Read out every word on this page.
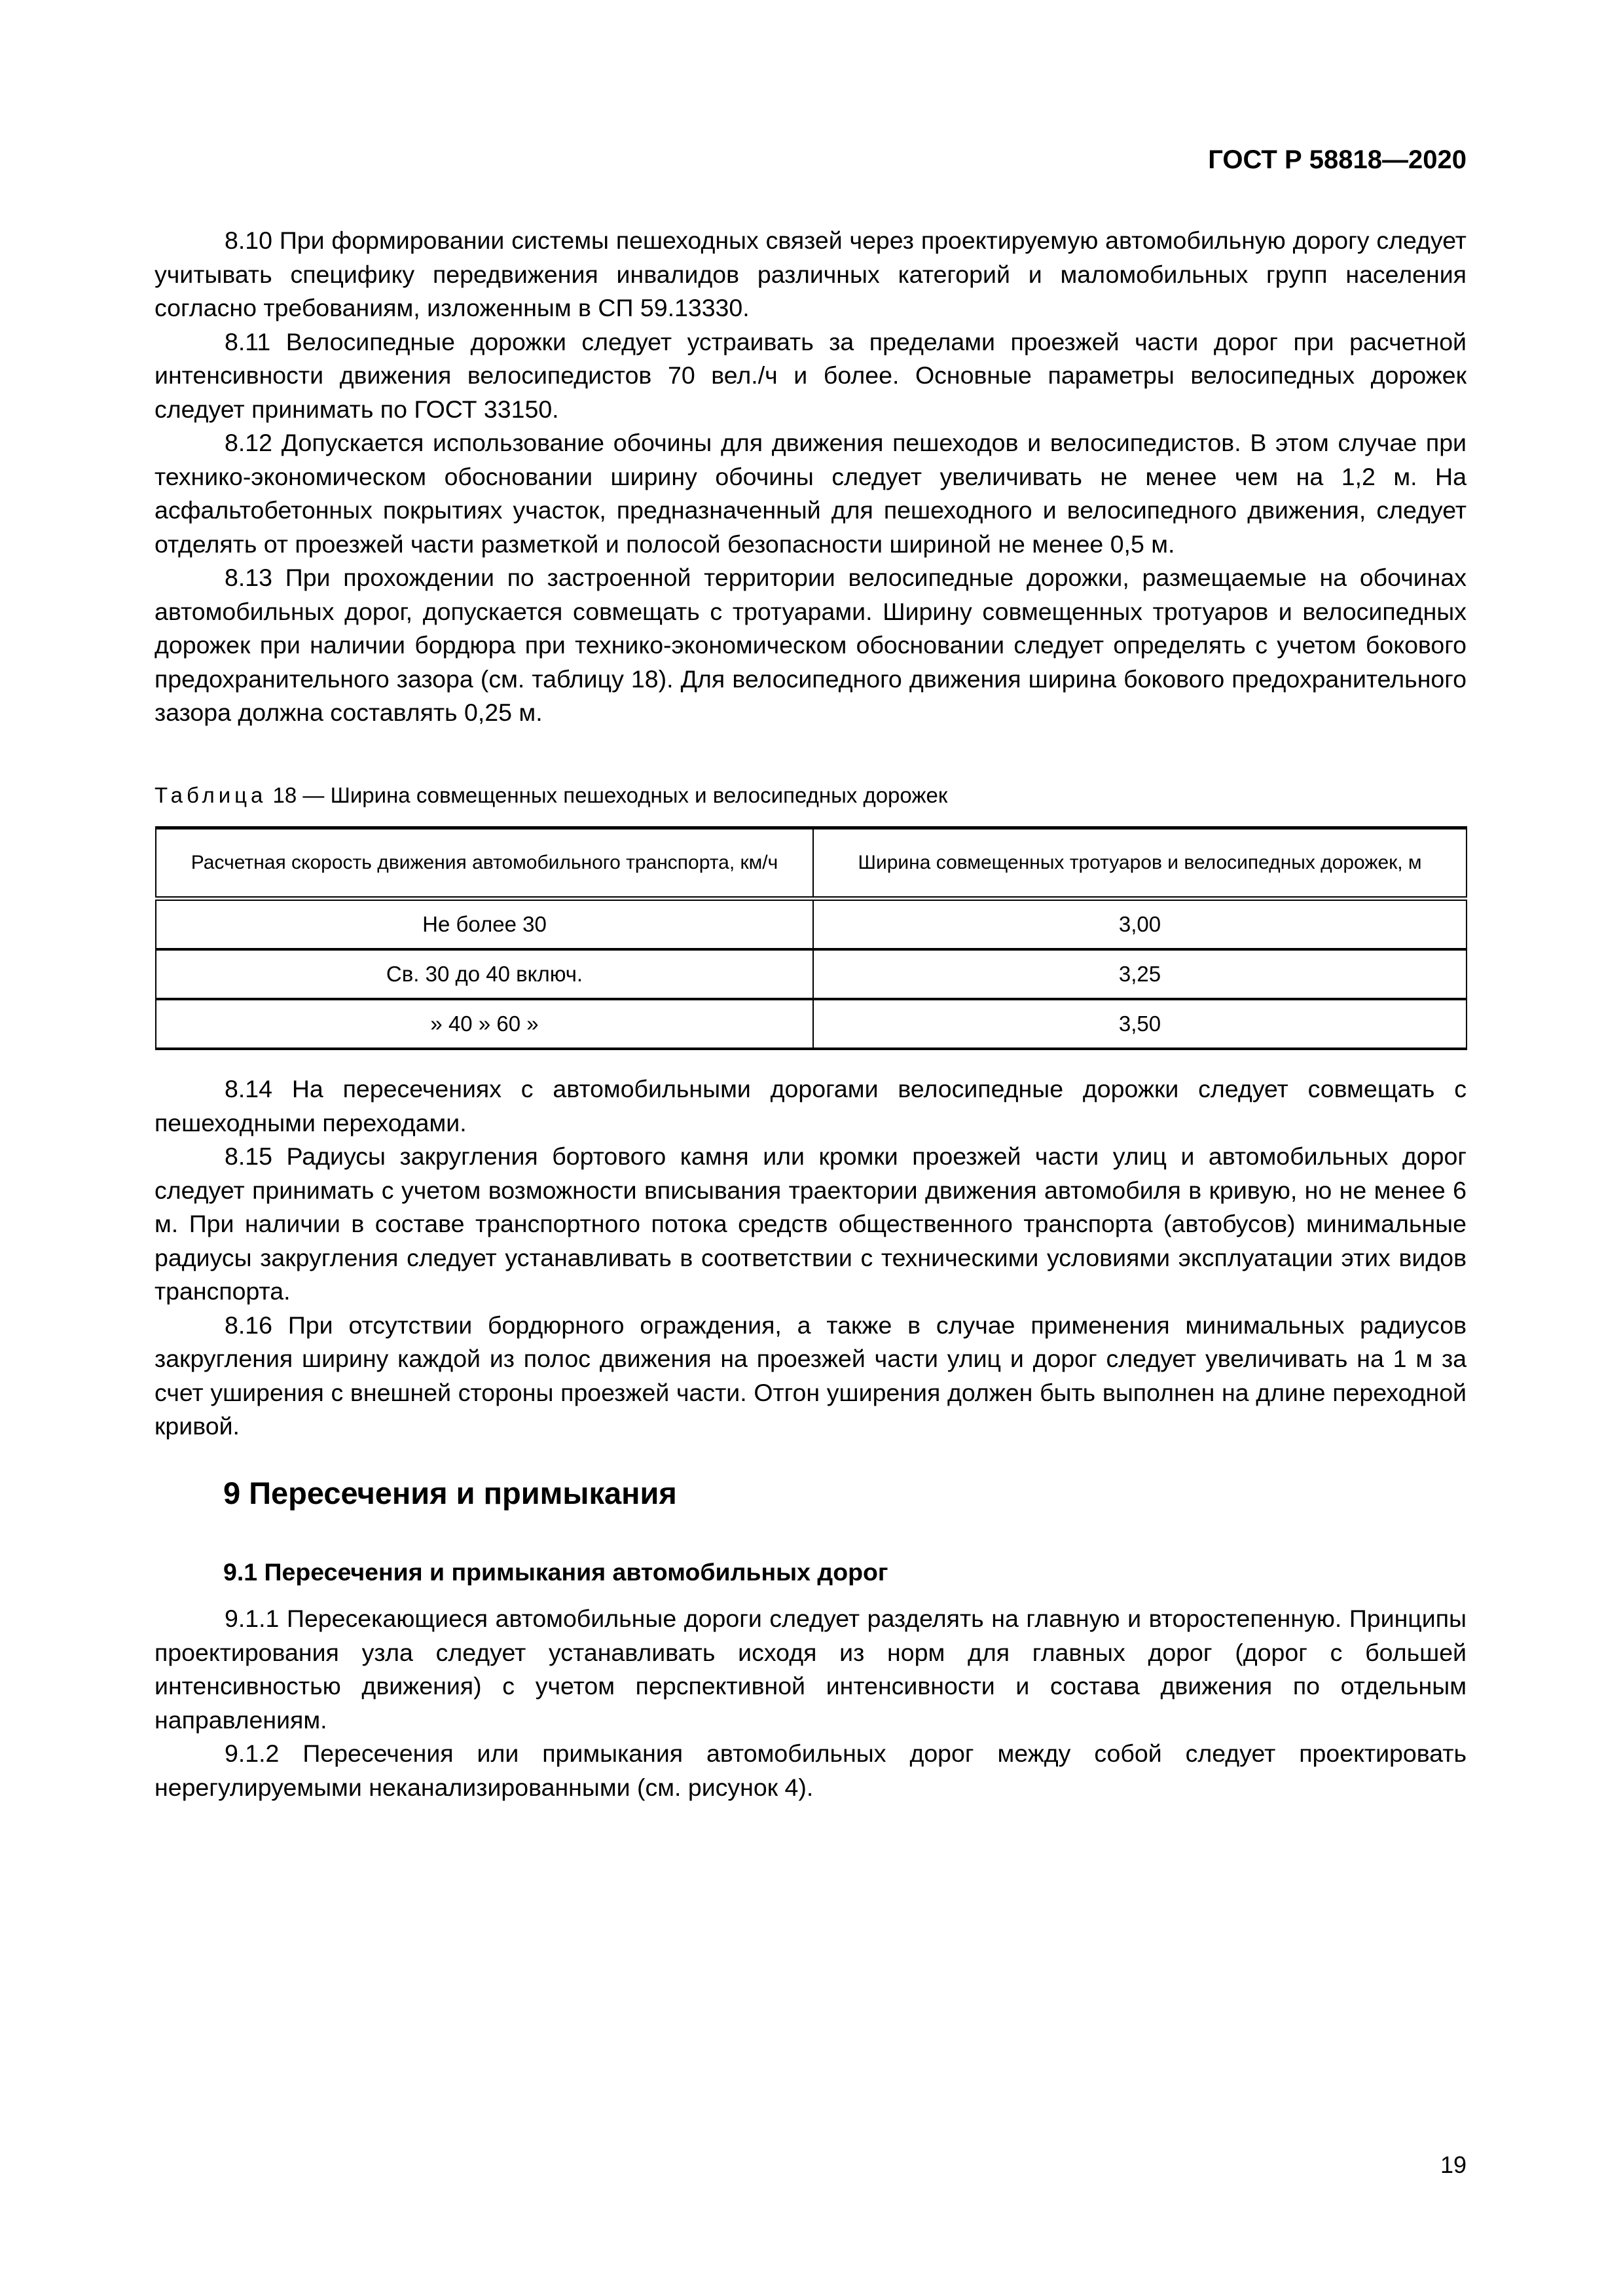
ГОСТ Р 58818—2020

8.10 При формировании системы пешеходных связей через проектируемую автомобильную дорогу следует учитывать специфику передвижения инвалидов различных категорий и маломобильных групп населения согласно требованиям, изложенным в СП 59.13330.

8.11 Велосипедные дорожки следует устраивать за пределами проезжей части дорог при расчетной интенсивности движения велосипедистов 70 вел./ч и более. Основные параметры велосипедных дорожек следует принимать по ГОСТ 33150.

8.12 Допускается использование обочины для движения пешеходов и велосипедистов. В этом случае при технико-экономическом обосновании ширину обочины следует увеличивать не менее чем на 1,2 м. На асфальтобетонных покрытиях участок, предназначенный для пешеходного и велосипедного движения, следует отделять от проезжей части разметкой и полосой безопасности шириной не менее 0,5 м.

8.13 При прохождении по застроенной территории велосипедные дорожки, размещаемые на обочинах автомобильных дорог, допускается совмещать с тротуарами. Ширину совмещенных тротуаров и велосипедных дорожек при наличии бордюра при технико-экономическом обосновании следует определять с учетом бокового предохранительного зазора (см. таблицу 18). Для велосипедного движения ширина бокового предохранительного зазора должна составлять 0,25 м.

Таблица 18 — Ширина совмещенных пешеходных и велосипедных дорожек
Расчетная скорость движения автомобильного транспорта, км/ч	Ширина совмещенных тротуаров и велосипедных дорожек, м
Не более 30	3,00
Св. 30 до 40 включ.	3,25
» 40 » 60 »	3,50

8.14 На пересечениях с автомобильными дорогами велосипедные дорожки следует совмещать с пешеходными переходами.

8.15 Радиусы закругления бортового камня или кромки проезжей части улиц и автомобильных дорог следует принимать с учетом возможности вписывания траектории движения автомобиля в кривую, но не менее 6 м. При наличии в составе транспортного потока средств общественного транспорта (автобусов) минимальные радиусы закругления следует устанавливать в соответствии с техническими условиями эксплуатации этих видов транспорта.

8.16 При отсутствии бордюрного ограждения, а также в случае применения минимальных радиусов закругления ширину каждой из полос движения на проезжей части улиц и дорог следует увеличивать на 1 м за счет уширения с внешней стороны проезжей части. Отгон уширения должен быть выполнен на длине переходной кривой.

9 Пересечения и примыкания
9.1 Пересечения и примыкания автомобильных дорог

9.1.1 Пересекающиеся автомобильные дороги следует разделять на главную и второстепенную. Принципы проектирования узла следует устанавливать исходя из норм для главных дорог (дорог с большей интенсивностью движения) с учетом перспективной интенсивности и состава движения по отдельным направлениям.

9.1.2 Пересечения или примыкания автомобильных дорог между собой следует проектировать нерегулируемыми неканализированными (см. рисунок 4).

19
